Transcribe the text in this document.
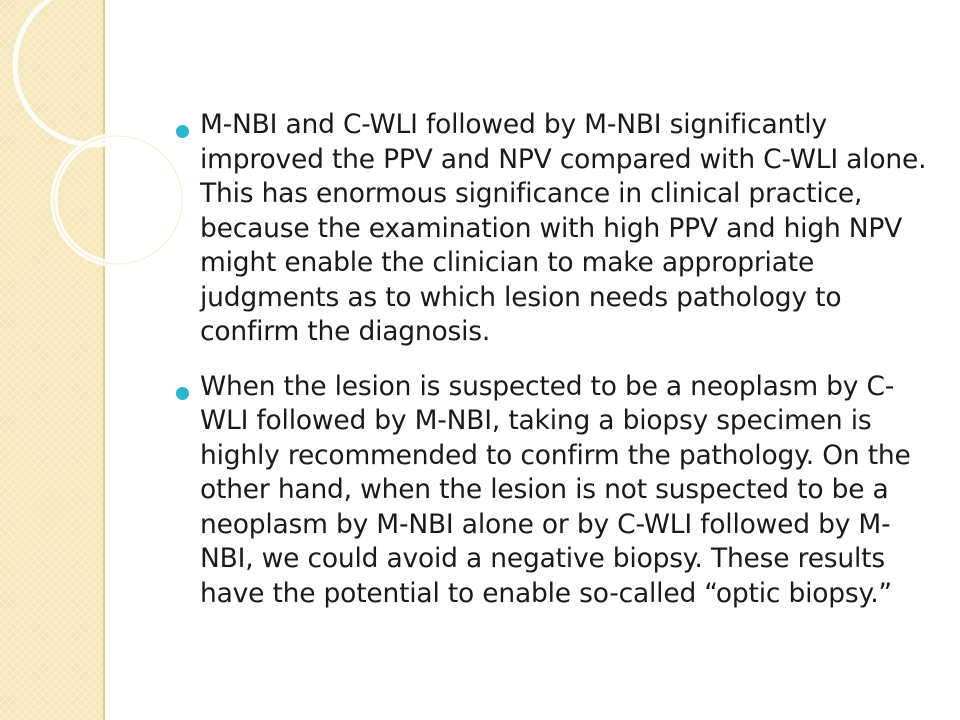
M-NBI and C-WLI followed by M-NBI significantly improved the PPV and NPV compared with C-WLI alone. This has enormous significance in clinical practice, because the examination with high PPV and high NPV might enable the clinician to make appropriate judgments as to which lesion needs pathology to confirm the diagnosis.
When the lesion is suspected to be a neoplasm by C-WLI followed by M-NBI, taking a biopsy specimen is highly recommended to confirm the pathology. On the other hand, when the lesion is not suspected to be a neoplasm by M-NBI alone or by C-WLI followed by M-NBI, we could avoid a negative biopsy. These results have the potential to enable so-called “optic biopsy.”
